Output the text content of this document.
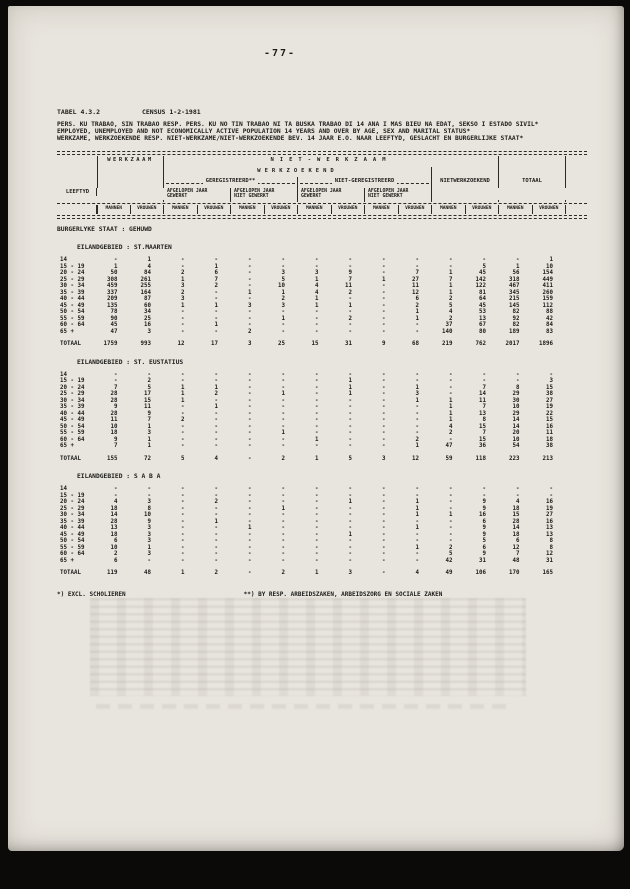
-77-
TABEL 4.3.2	CENSUS 1-2-1981
PERS. KU TRABAO, SIN TRABAO RESP. PERS. KU NO TIN TRABAO NI TA BUSKA TRABAO DI 14 ANA I MAS BIEU NA EDAT, SEKSO I ESTADO SIVIL*
EMPLOYED, UNEMPLOYED AND NOT ECONOMICALLY ACTIVE POPULATION 14 YEARS AND OVER BY AGE, SEX AND MARITAL STATUS*
WERKZAME, WERKZOEKENDE RESP. NIET-WERKZAME/NIET-WERKZOEKENDE BEV. 14 JAAR E.O. NAAR LEEFTYD, GESLACHT EN BURGERLIJKE STAAT*
WERKZAAM	NIET-WERKZAAM
WERKZOEKEND
GEREGISTREERD**	NIET-GEREGISTREERD	NIETWERKZOEKEND	TOTAAL
LEEFTYD	AFGELOPEN JAAR
GEWERKT
AFGELOPEN JAAR
NIET GEWERKT
AFGELOPEN JAAR
GEWERKT
AFGELOPEN JAAR
NIET GEWERKT
MANNEN	VROUWEN	MANNEN	VROUWEN	MANNEN	VROUWEN	MANNEN	VROUWEN	MANNEN	VROUWEN	MANNEN	VROUWEN	MANNEN	VROUWEN
BURGERLYKE STAAT : GEHUWD
EILANDGEBIED : ST.MAARTEN
14	-	1	-	-	-	-	-	-	-	-	-	-	-	1
15 - 19	1	4	-	1	-	-	-	-	-	-	-	5	1	10
20 - 24	50	84	2	6	-	3	3	9	-	7	1	45	56	154
25 - 29	308	261	1	7	-	5	1	7	1	27	7	142	318	449
30 - 34	459	255	3	2	-	10	4	11	-	11	1	122	467	411
35 - 39	337	164	2	-	1	1	4	2	-	12	1	81	345	260
40 - 44	209	87	3	-	-	2	1	-	-	6	2	64	215	159
45 - 49	135	60	1	1	3	3	1	1	-	2	5	45	145	112
50 - 54	78	34	-	-	-	-	-	-	-	1	4	53	82	88
55 - 59	90	25	-	-	-	1	-	2	-	1	2	13	92	42
60 - 64	45	16	-	1	-	-	-	-	-	-	37	67	82	84
65 +	47	3	-	-	2	-	-	-	-	-	140	80	189	83
TOTAAL	1759	993	12	17	3	25	15	31	9	68	219	762	2017	1896
EILANDGEBIED : ST. EUSTATIUS
14	-	-	-	-	-	-	-	-	-	-	-	-	-	-
15 - 19	-	2	-	-	-	-	-	1	-	-	-	-	-	3
20 - 24	7	5	1	1	-	-	-	1	-	1	-	7	8	15
25 - 29	28	17	1	2	-	1	-	1	-	3	-	14	29	38
30 - 34	28	15	1	-	-	-	-	-	-	1	1	11	30	27
35 - 39	9	11	-	1	-	-	-	-	-	-	1	7	10	19
40 - 44	28	9	-	-	-	-	-	-	-	-	1	13	29	22
45 - 49	11	7	2	-	-	-	-	-	-	-	1	8	14	15
50 - 54	10	1	-	-	-	-	-	-	-	-	4	15	14	16
55 - 59	18	3	-	-	-	1	-	-	-	-	2	7	20	11
60 - 64	9	1	-	-	-	-	1	-	-	2	-	15	10	18
65 +	7	1	-	-	-	-	-	-	-	1	47	36	54	38
TOTAAL	155	72	5	4	-	2	1	5	3	12	59	118	223	213
EILANDGEBIED : S A B A
14	-	-	-	-	-	-	-	-	-	-	-	-	-	-
15 - 19	-	-	-	-	-	-	-	-	-	-	-	-	-	-
20 - 24	4	3	-	2	-	-	-	1	-	1	-	9	4	16
25 - 29	18	8	-	-	-	1	-	-	-	1	-	9	18	19
30 - 34	14	10	-	-	-	-	-	-	-	1	1	16	15	27
35 - 39	28	9	-	1	-	-	-	-	-	-	-	6	28	16
40 - 44	13	3	-	-	1	-	-	-	-	1	-	9	14	13
45 - 49	18	3	-	-	-	-	-	1	-	-	-	9	18	13
50 - 54	6	3	-	-	-	-	-	-	-	-	-	5	6	8
55 - 59	10	1	-	-	-	-	-	-	-	1	2	6	12	8
60 - 64	2	3	-	-	-	-	-	-	-	-	5	9	7	12
65 +	6	-	-	-	-	-	-	-	-	-	42	31	48	31
TOTAAL	119	48	1	2	-	2	1	3	-	4	49	106	170	165
*) EXCL. SCHOLIEREN	**) BY RESP. ARBEIDSZAKEN, ARBEIDSZORG EN SOCIALE ZAKEN
